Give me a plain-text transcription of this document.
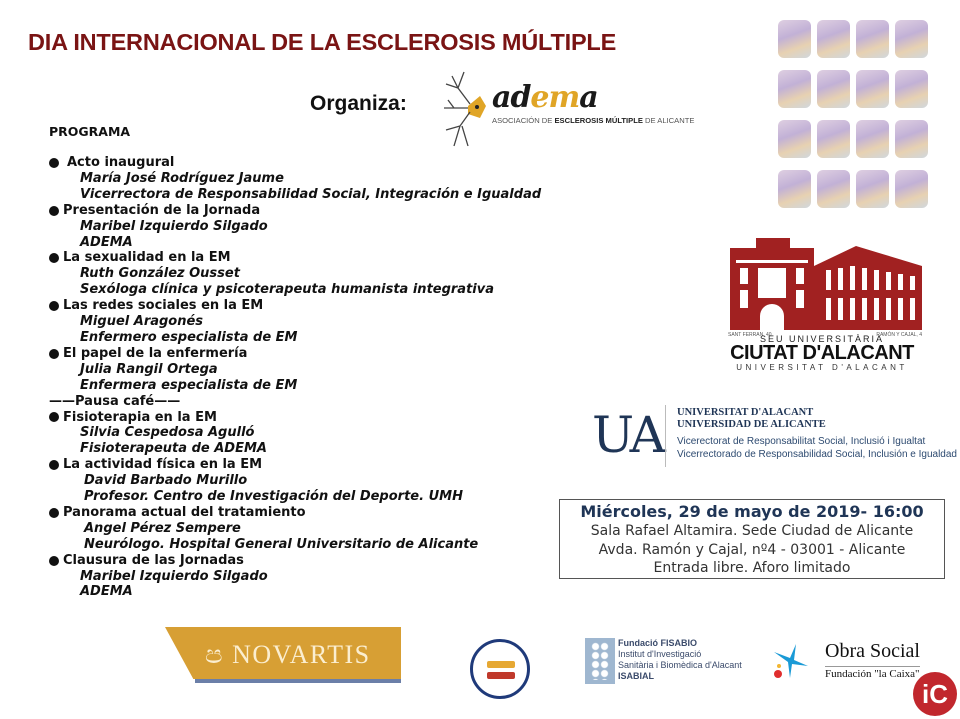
DIA INTERNACIONAL DE LA ESCLEROSIS MÚLTIPLE
Organiza:	adema
ASOCIACIÓN DE ESCLEROSIS MÚLTIPLE DE ALICANTE
PROGRAMA
Acto inaugural
María José Rodríguez Jaume
Vicerrectora de Responsabilidad Social, Integración e Igualdad
Presentación de la Jornada
Maribel Izquierdo Silgado
ADEMA
La sexualidad en la EM
Ruth González Ousset
Sexóloga clínica y psicoterapeuta humanista integrativa
Las redes sociales en la EM
Miguel Aragonés
Enfermero especialista de EM
El papel de la enfermería
Julia Rangil Ortega
Enfermera especialista de EM
——Pausa café——
Fisioterapia en la EM
Silvia Cespedosa Agulló
Fisioterapeuta de ADEMA
La actividad física en la EM
David Barbado Murillo
Profesor. Centro de Investigación del Deporte. UMH
Panorama actual del tratamiento
Angel Pérez Sempere
Neurólogo. Hospital General Universitario de Alicante
Clausura de las Jornadas
Maribel Izquierdo Silgado
ADEMA
SANT FERRAN, 40	RAMÓN Y CAJAL, 4
SEU UNIVERSITÀRIA
CIUTAT D'ALACANT
UNIVERSITAT D'ALACANT
UA UNIVERSITAT D'ALACANT
UNIVERSIDAD DE ALICANTE
Vicerectorat de Responsabilitat Social, Inclusió i Igualtat
Vicerrectorado de Responsabilidad Social, Inclusión e Igualdad
Miércoles, 29 de mayo de 2019- 16:00
Sala Rafael Altamira. Sede Ciudad de Alicante
Avda. Ramón y Cajal, nº4 - 03001 - Alicante
Entrada libre. Aforo limitado
ප NOVARTIS	Fundació FISABIO
Institut d'Investigació
Sanitària i Biomèdica d'Alacant
ISABIAL
Obra Social
Fundación "la Caixa"
iC
